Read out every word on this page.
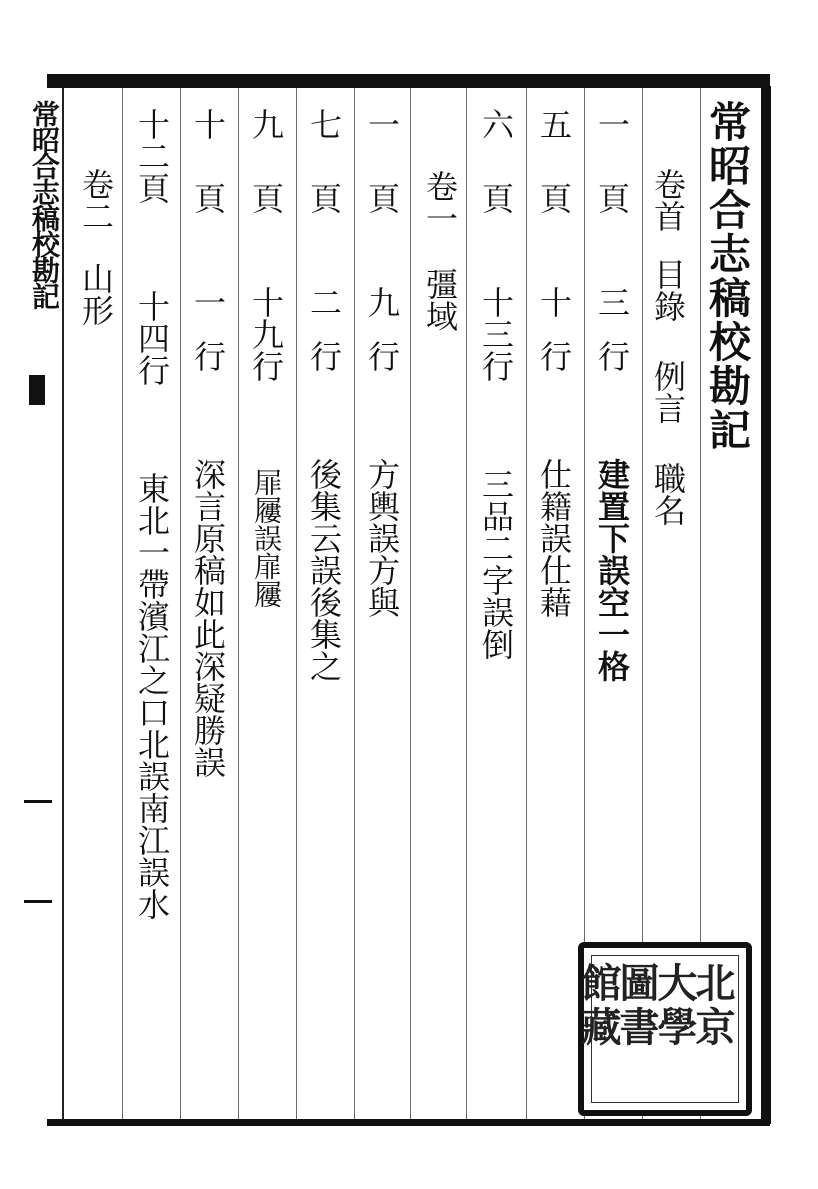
常昭合志稿校勘記	常昭合志稿校勘記
卷首目錄 例言 職名
一頁三行建置下誤空一格
五頁十行仕籍誤仕藉
六頁十三行三品二字誤倒
卷一彊域
一頁九行方輿誤方與
七頁二行後集云誤後集之
九頁十九行屝屨誤扉屨
十頁一行深言原稿如此深疑勝誤
十二頁十四行東北一帶濱江之口北誤南江誤水
卷二山形
北京
大學
圖書
館藏
